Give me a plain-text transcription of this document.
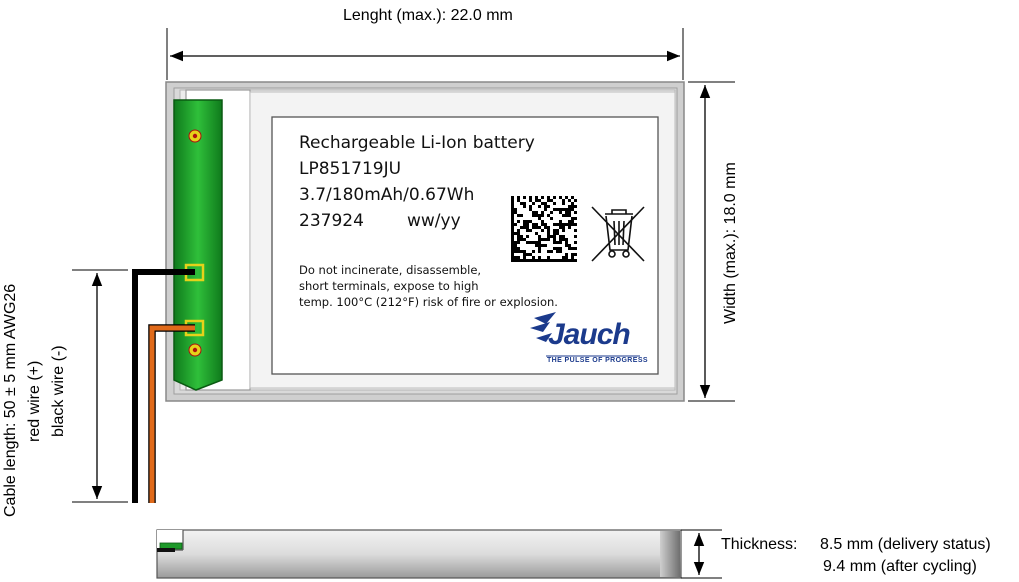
Lenght (max.): 22.0 mm
Width (max.): 18.0 mm
Cable length: 50 ± 5 mm AWG26 red wire (+) black wire (-)
Thickness: 8.5 mm (delivery status)
9.4 mm (after cycling)
Rechargeable Li-Ion battery
LP851719JU
3.7/180mAh/0.67Wh
237924	ww/yy
Do not incinerate, disassemble,
short terminals, expose to high
temp. 100°C (212°F) risk of fire or explosion.
Jauch
THE PULSE OF PROGRESS
